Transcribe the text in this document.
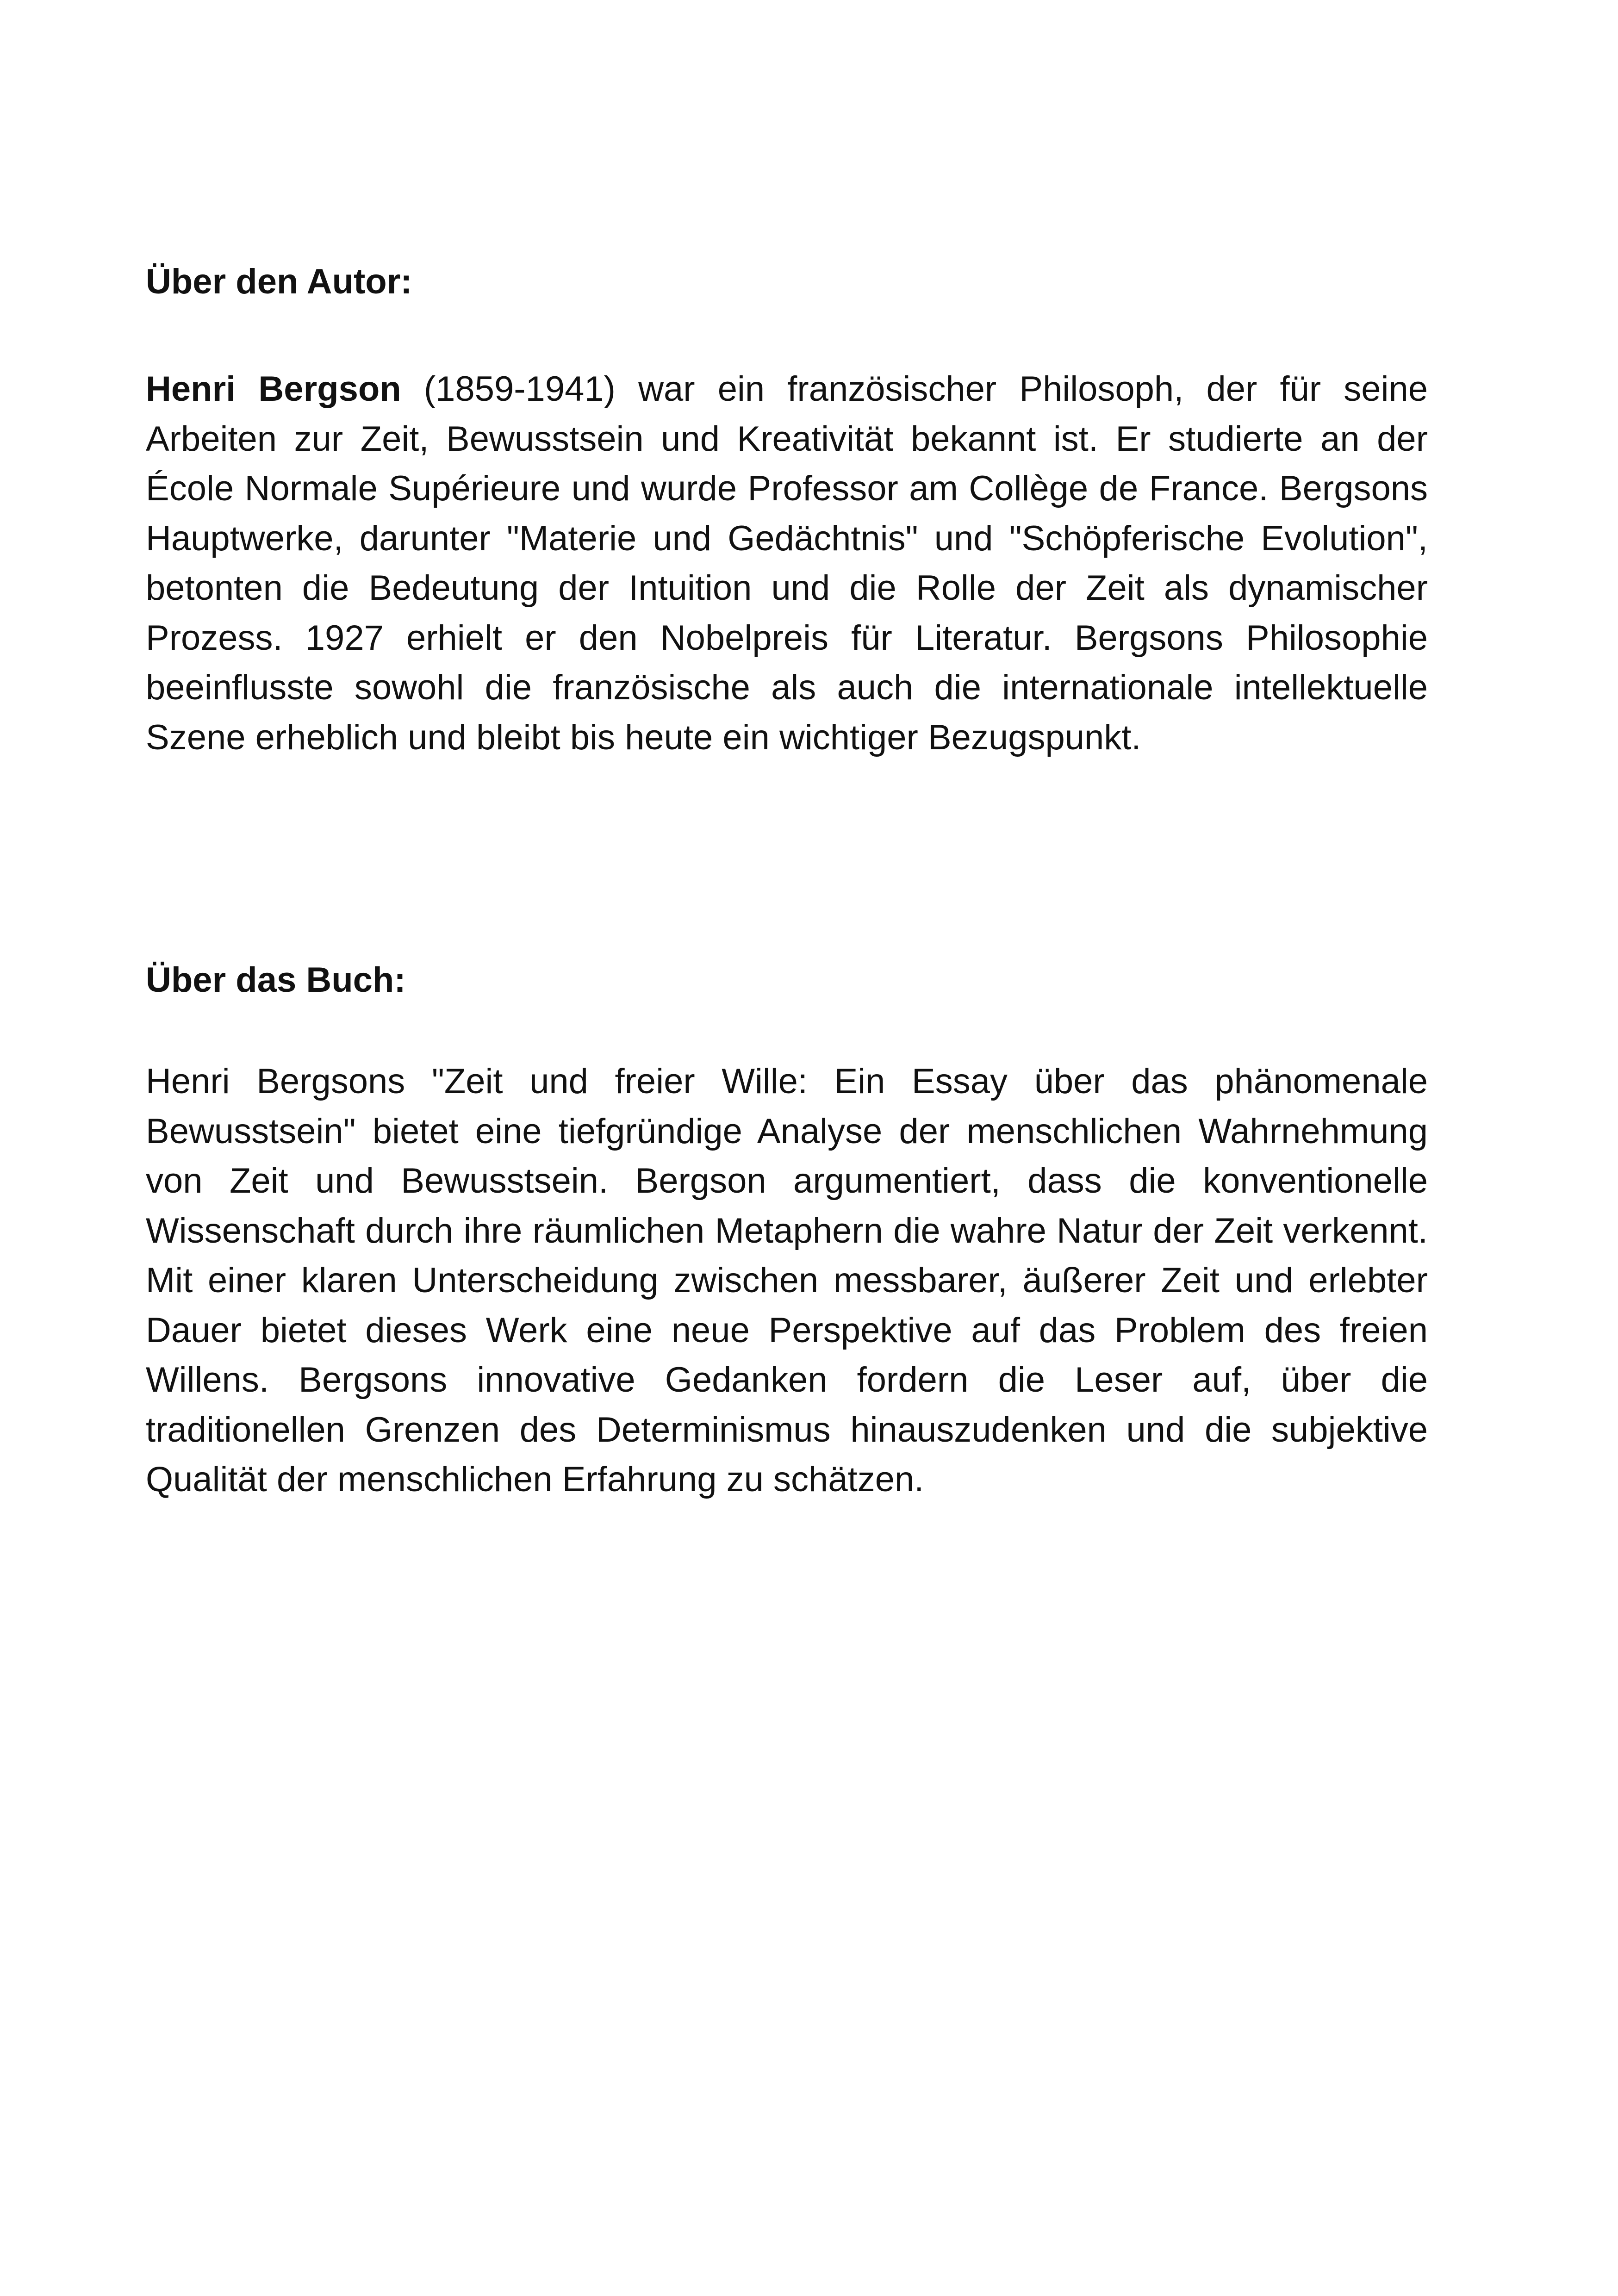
Über den Autor:

Henri Bergson (1859-1941) war ein französischer Philosoph, der für seine Arbeiten zur Zeit, Bewusstsein und Kreativität bekannt ist. Er studierte an der École Normale Supérieure und wurde Professor am Collège de France. Bergsons Hauptwerke, darunter "Materie und Gedächtnis" und "Schöpferische Evolution", betonten die Bedeutung der Intuition und die Rolle der Zeit als dynamischer Prozess. 1927 erhielt er den Nobelpreis für Literatur. Bergsons Philosophie beeinflusste sowohl die französische als auch die internationale intellektuelle Szene erheblich und bleibt bis heute ein wichtiger Bezugspunkt.

Über das Buch:

Henri Bergsons "Zeit und freier Wille: Ein Essay über das phänomenale Bewusstsein" bietet eine tiefgründige Analyse der menschlichen Wahrnehmung von Zeit und Bewusstsein. Bergson argumentiert, dass die konventionelle Wissenschaft durch ihre räumlichen Metaphern die wahre Natur der Zeit verkennt. Mit einer klaren Unterscheidung zwischen messbarer, äußerer Zeit und erlebter Dauer bietet dieses Werk eine neue Perspektive auf das Problem des freien Willens. Bergsons innovative Gedanken fordern die Leser auf, über die traditionellen Grenzen des Determinismus hinauszudenken und die subjektive Qualität der menschlichen Erfahrung zu schätzen.
